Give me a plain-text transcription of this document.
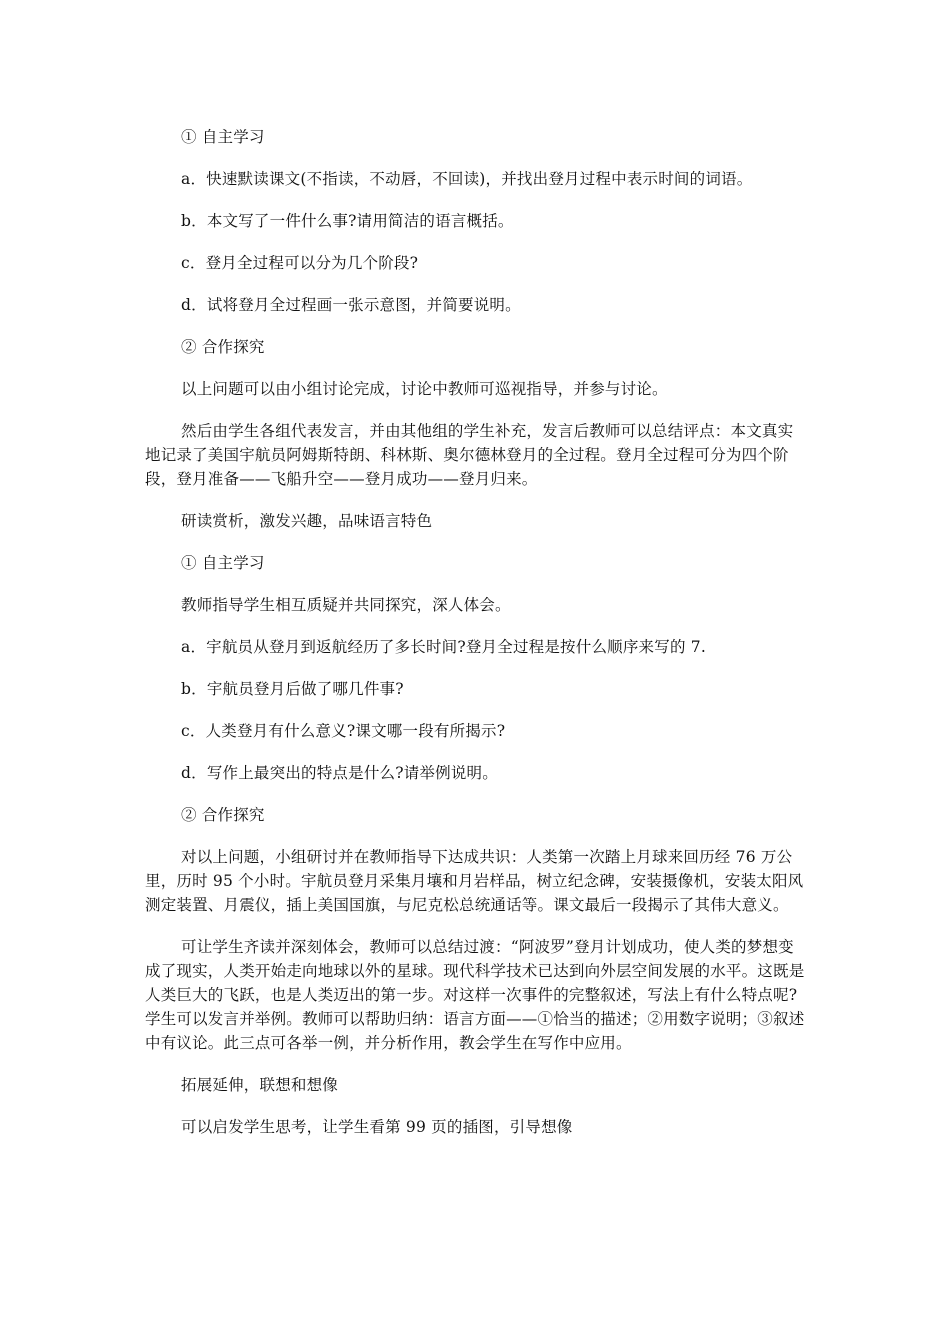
① 自主学习

a．快速默读课文(不指读，不动唇，不回读)，并找出登月过程中表示时间的词语。

b．本文写了一件什么事?请用简洁的语言概括。

c．登月全过程可以分为几个阶段?

d．试将登月全过程画一张示意图，并简要说明。

② 合作探究

以上问题可以由小组讨论完成，讨论中教师可巡视指导，并参与讨论。

然后由学生各组代表发言，并由其他组的学生补充，发言后教师可以总结评点：本文真实地记录了美国宇航员阿姆斯特朗、科林斯、奥尔德林登月的全过程。登月全过程可分为四个阶段，登月准备——飞船升空——登月成功——登月归来。

研读赏析，激发兴趣，品味语言特色

① 自主学习

教师指导学生相互质疑并共同探究，深人体会。

a．宇航员从登月到返航经历了多长时间?登月全过程是按什么顺序来写的 7.

b．宇航员登月后做了哪几件事?

c．人类登月有什么意义?课文哪一段有所揭示?

d．写作上最突出的特点是什么?请举例说明。

② 合作探究

对以上问题，小组研讨并在教师指导下达成共识：人类第一次踏上月球来回历经 76 万公里，历时 95 个小时。宇航员登月采集月壤和月岩样品，树立纪念碑，安装摄像机，安装太阳风测定装置、月震仪，插上美国国旗，与尼克松总统通话等。课文最后一段揭示了其伟大意义。

可让学生齐读并深刻体会，教师可以总结过渡：“阿波罗”登月计划成功，使人类的梦想变成了现实，人类开始走向地球以外的星球。现代科学技术已达到向外层空间发展的水平。这既是人类巨大的飞跃，也是人类迈出的第一步。对这样一次事件的完整叙述，写法上有什么特点呢?学生可以发言并举例。教师可以帮助归纳：语言方面——①恰当的描述；②用数字说明；③叙述中有议论。此三点可各举一例，并分析作用，教会学生在写作中应用。

拓展延伸，联想和想像

可以启发学生思考，让学生看第 99 页的插图，引导想像
